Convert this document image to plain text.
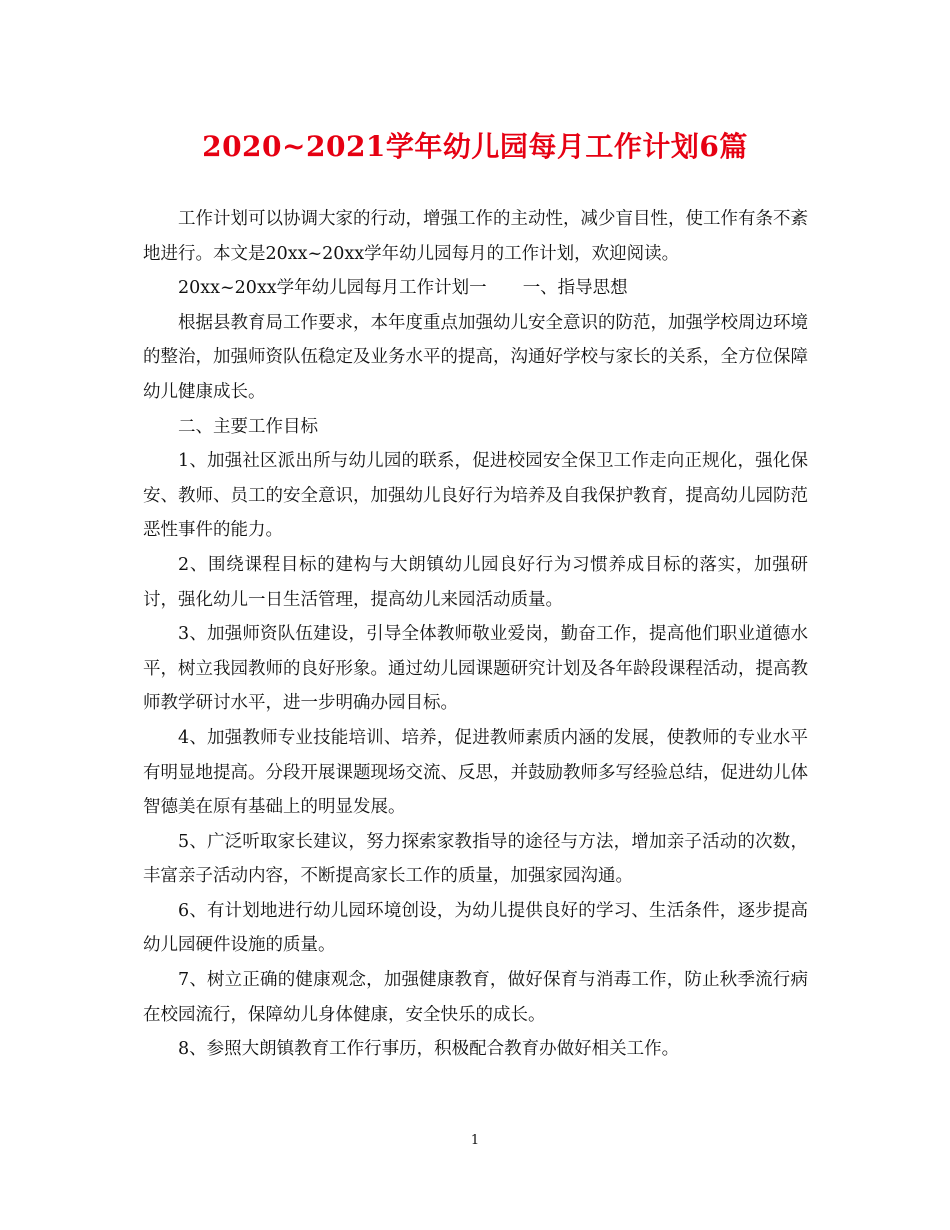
2020~2021学年幼儿园每月工作计划6篇

工作计划可以协调大家的行动，增强工作的主动性，减少盲目性，使工作有条不紊地进行。本文是20xx~20xx学年幼儿园每月的工作计划，欢迎阅读。

20xx~20xx学年幼儿园每月工作计划一 一、指导思想

根据县教育局工作要求，本年度重点加强幼儿安全意识的防范，加强学校周边环境的整治，加强师资队伍稳定及业务水平的提高，沟通好学校与家长的关系，全方位保障幼儿健康成长。

二、主要工作目标

1、加强社区派出所与幼儿园的联系，促进校园安全保卫工作走向正规化，强化保安、教师、员工的安全意识，加强幼儿良好行为培养及自我保护教育，提高幼儿园防范恶性事件的能力。

2、围绕课程目标的建构与大朗镇幼儿园良好行为习惯养成目标的落实，加强研讨，强化幼儿一日生活管理，提高幼儿来园活动质量。

3、加强师资队伍建设，引导全体教师敬业爱岗，勤奋工作，提高他们职业道德水平，树立我园教师的良好形象。通过幼儿园课题研究计划及各年龄段课程活动，提高教师教学研讨水平，进一步明确办园目标。

4、加强教师专业技能培训、培养，促进教师素质内涵的发展，使教师的专业水平有明显地提高。分段开展课题现场交流、反思，并鼓励教师多写经验总结，促进幼儿体智德美在原有基础上的明显发展。

5、广泛听取家长建议，努力探索家教指导的途径与方法，增加亲子活动的次数，丰富亲子活动内容，不断提高家长工作的质量，加强家园沟通。

6、有计划地进行幼儿园环境创设，为幼儿提供良好的学习、生活条件，逐步提高幼儿园硬件设施的质量。

7、树立正确的健康观念，加强健康教育，做好保育与消毒工作，防止秋季流行病在校园流行，保障幼儿身体健康，安全快乐的成长。

8、参照大朗镇教育工作行事历，积极配合教育办做好相关工作。

1
